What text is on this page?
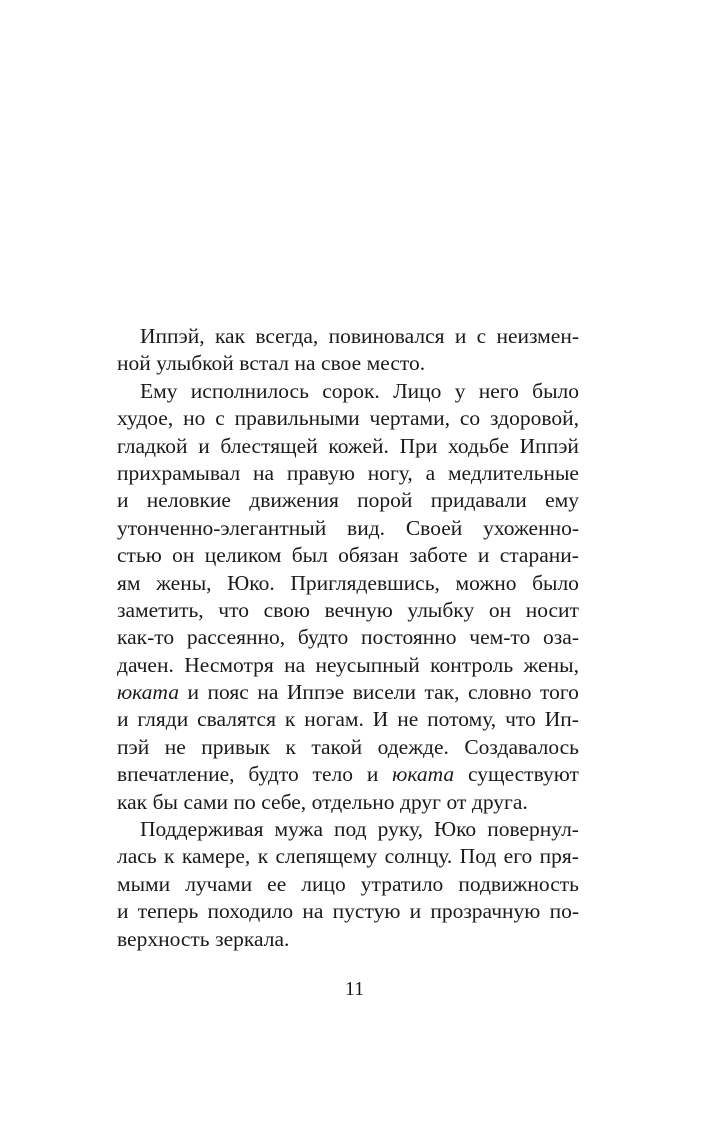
Иппэй, как всегда, повиновался и с неизмен-
ной улыбкой встал на свое место.
Ему исполнилось сорок. Лицо у него было
худое, но с правильными чертами, со здоровой,
гладкой и блестящей кожей. При ходьбе Иппэй
прихрамывал на правую ногу, а медлительные
и неловкие движения порой придавали ему
утонченно-элегантный вид. Своей ухоженно-
стью он целиком был обязан заботе и старани-
ям жены, Юко. Приглядевшись, можно было
заметить, что свою вечную улыбку он носит
как-то рассеянно, будто постоянно чем-то оза-
дачен. Несмотря на неусыпный контроль жены,
юката и пояс на Иппэе висели так, словно того
и гляди свалятся к ногам. И не потому, что Ип-
пэй не привык к такой одежде. Создавалось
впечатление, будто тело и юката существуют
как бы сами по себе, отдельно друг от друга.
Поддерживая мужа под руку, Юко повернул-
лась к камере, к слепящему солнцу. Под его пря-
мыми лучами ее лицо утратило подвижность
и теперь походило на пустую и прозрачную по-
верхность зеркала.
11
